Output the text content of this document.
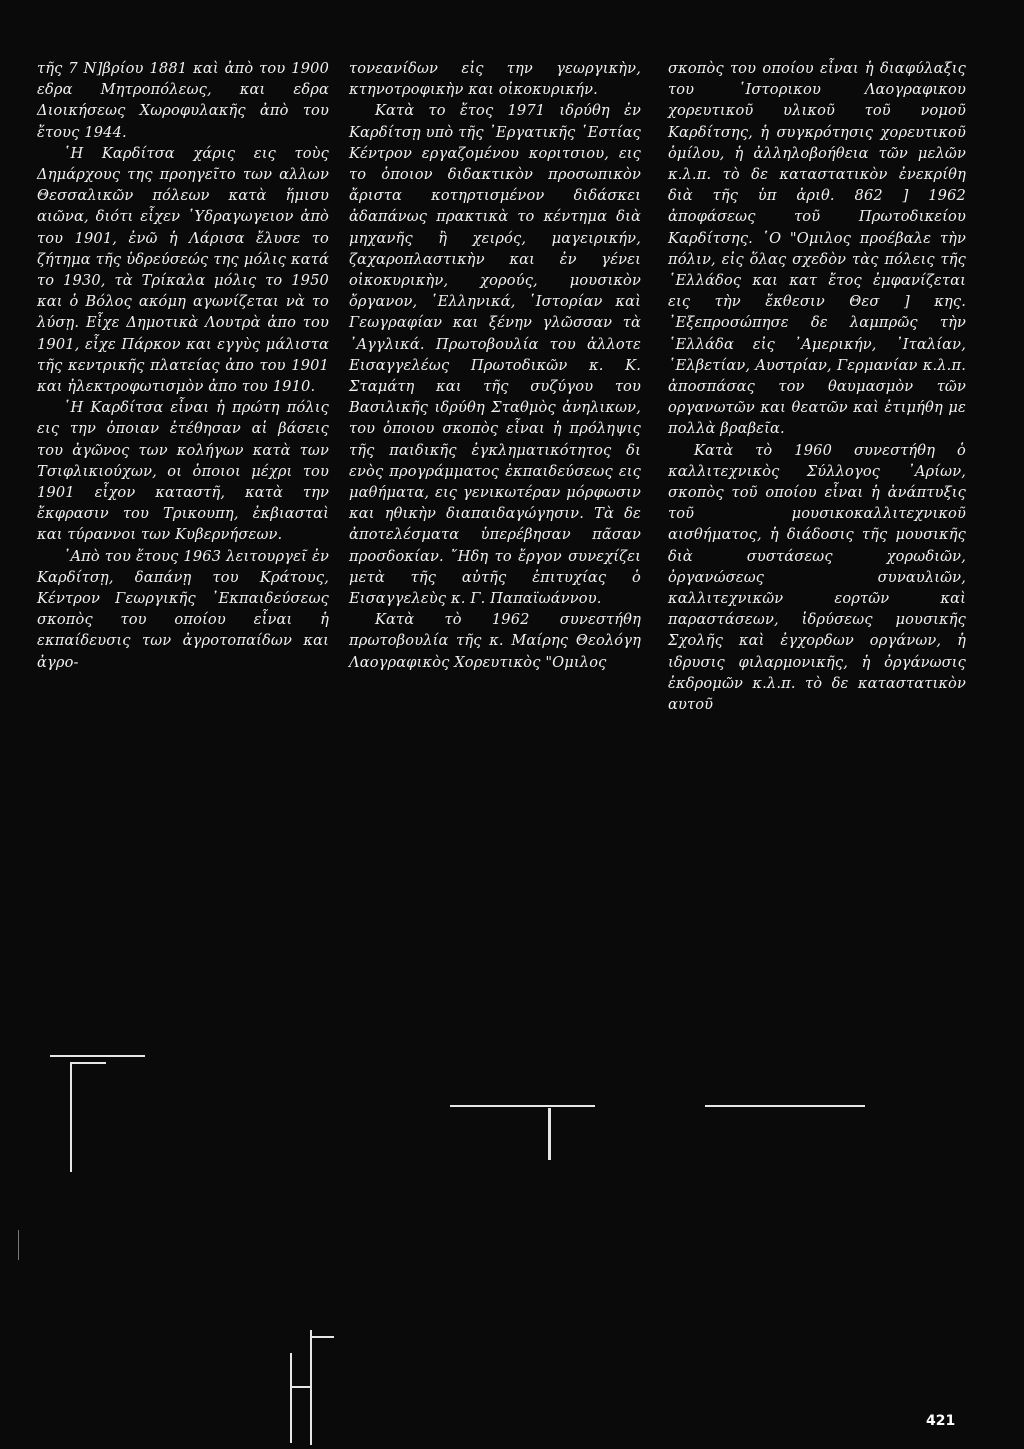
τῆς 7 N]βρίου 1881 καὶ ἀπὸ του 1900 εδρα Μητροπόλεως, και εδρα Διοικήσεως Χωροφυλακῆς ἀπὸ του ἔτους 1944.

῾Η Καρδίτσα χάρις εις τοὺς Δημάρχους της προηγεῖτο των αλλων Θεσσαλικῶν πόλεων κατὰ ἥμισυ αιῶνα, διότι εἶχεν ῾Υδραγωγειον ἀπὸ του 1901, ἐνῶ ἡ Λάρισα ἔλυσε το ζήτημα τῆς ὑδρεύσεώς της μόλις κατά το 1930, τὰ Τρίκαλα μόλις το 1950 και ὁ Βόλος ακόμη αγωνίζεται νὰ το λύσῃ. Εἶχε Δημοτικὰ Λουτρὰ ἀπο του 1901, εἶχε Πάρκον και εγγὺς μάλιστα τῆς κεντρικῆς πλατείας ἀπο του 1901 και ἠλεκτροφωτισμὸν ἀπο του 1910.

῾Η Καρδίτσα εἶναι ἡ πρώτη πόλις εις την ὁποιαν ἐτέθησαν αἱ βάσεις του ἀγῶνος των κολήγων κατὰ των Τσιφλικιούχων, οι ὁποιοι μέχρι του 1901 εἶχον καταστῆ, κατὰ την ἔκφρασιν του Τρικουπη, ἐκβιασταὶ και τύραννοι των Κυβερνήσεων.

᾿Απὸ του ἔτους 1963 λειτουργεῖ ἐν Καρδίτσῃ, δαπάνῃ του Κράτους, Κέντρον Γεωργικῆς ᾿Εκπαιδεύσεως σκοπὸς του οποίου εἶναι ἡ εκπαίδευσις των ἀγροτοπαίδων και ἀγρο-

τονεανίδων εἰς την γεωργικὴν, κτηνοτροφικὴν και οἰκοκυρικήν.

Κατὰ το ἔτος 1971 ιδρύθη ἐν Καρδίτσῃ υπὸ τῆς ᾿Εργατικῆς ῾Εστίας Κέντρον εργαζομένου κοριτσιου, εις το ὁποιον διδακτικὸν προσωπικὸν ἄριστα κοτηρτισμένον διδάσκει ἀδαπάνως πρακτικὰ το κέντημα διὰ μηχανῆς ἢ χειρός, μαγειρικήν, ζαχαροπλαστικὴν και ἐν γένει οἰκοκυρικὴν, χορούς, μουσικὸν ὄργανον, ῾Ελληνικά, ῾Ιστορίαν καὶ Γεωγραφίαν και ξένην γλῶσσαν τὰ ᾿Αγγλικά. Πρωτοβουλία του ἀλλοτε Εισαγγελέως Πρωτοδικῶν κ. Κ. Σταμάτη και τῆς συζύγου του Βασιλικῆς ιδρύθη Σταθμὸς ἀνηλικων, του ὁποιου σκοπὸς εἶναι ἡ πρόληψις τῆς παιδικῆς ἐγκληματικότητος δι ενὸς προγράμματος ἐκπαιδεύσεως εις μαθήματα, εις γενικωτέραν μόρφωσιν και ηθικὴν διαπαιδαγώγησιν. Τὰ δε ἀποτελέσματα ὑπερέβησαν πᾶσαν προσδοκίαν. ῎Ηδη το ἔργον συνεχίζει μετὰ τῆς αὐτῆς ἐπιτυχίας ὁ Εισαγγελεὺς κ. Γ. Παπαϊωάννου.

Κατὰ τὸ 1962 συνεστήθη πρωτοβουλία τῆς κ. Μαίρης Θεολόγη Λαογραφικὸς Χορευτικὸς "Ομιλος

σκοπὸς του οποίου εἶναι ἡ διαφύλαξις του ῾Ιστορικου Λαογραφικου χορευτικοῦ υλικοῦ τοῦ νομοῦ Καρδίτσης, ἡ συγκρότησις χορευτικοῦ ὁμίλου, ἡ ἀλληλοβοήθεια τῶν μελῶν κ.λ.π. τὸ δε καταστατικὸν ἐνεκρίθη διὰ τῆς ὑπ ἀριθ. 862 ] 1962 ἀποφάσεως τοῦ Πρωτοδικείου Καρδίτσης. ῾Ο "Ομιλος προέβαλε τὴν πόλιν, εἰς ὅλας σχεδὸν τὰς πόλεις τῆς ῾Ελλάδος και κατ ἔτος ἐμφανίζεται εις τὴν ἔκθεσιν Θεσ ] κης. ᾿Εξεπροσώπησε δε λαμπρῶς τὴν ῾Ελλάδα εἰς ᾿Αμερικήν, ᾿Ιταλίαν, ῾Ελβετίαν, Αυστρίαν, Γερμανίαν κ.λ.π. ἀποσπάσας τον θαυμασμὸν τῶν οργανωτῶν και θεατῶν καὶ ἐτιμήθη με πολλὰ βραβεῖα.

Κατὰ τὸ 1960 συνεστήθη ὁ καλλιτεχνικὸς Σύλλογος ᾿Αρίων, σκοπὸς τοῦ οποίου εἶναι ἡ ἀνάπτυξις τοῦ μουσικοκαλλιτεχνικοῦ αισθήματος, ἡ διάδοσις τῆς μουσικῆς διὰ συστάσεως χορωδιῶν, ὀργανώσεως συναυλιῶν, καλλιτεχνικῶν εορτῶν καὶ παραστάσεων, ἱδρύσεως μουσικῆς Σχολῆς καὶ ἐγχορδων οργάνων, ἡ ιδρυσις φιλαρμονικῆς, ἡ ὀργάνωσις ἐκδρομῶν κ.λ.π. τὸ δε καταστατικὸν αυτοῦ

421
